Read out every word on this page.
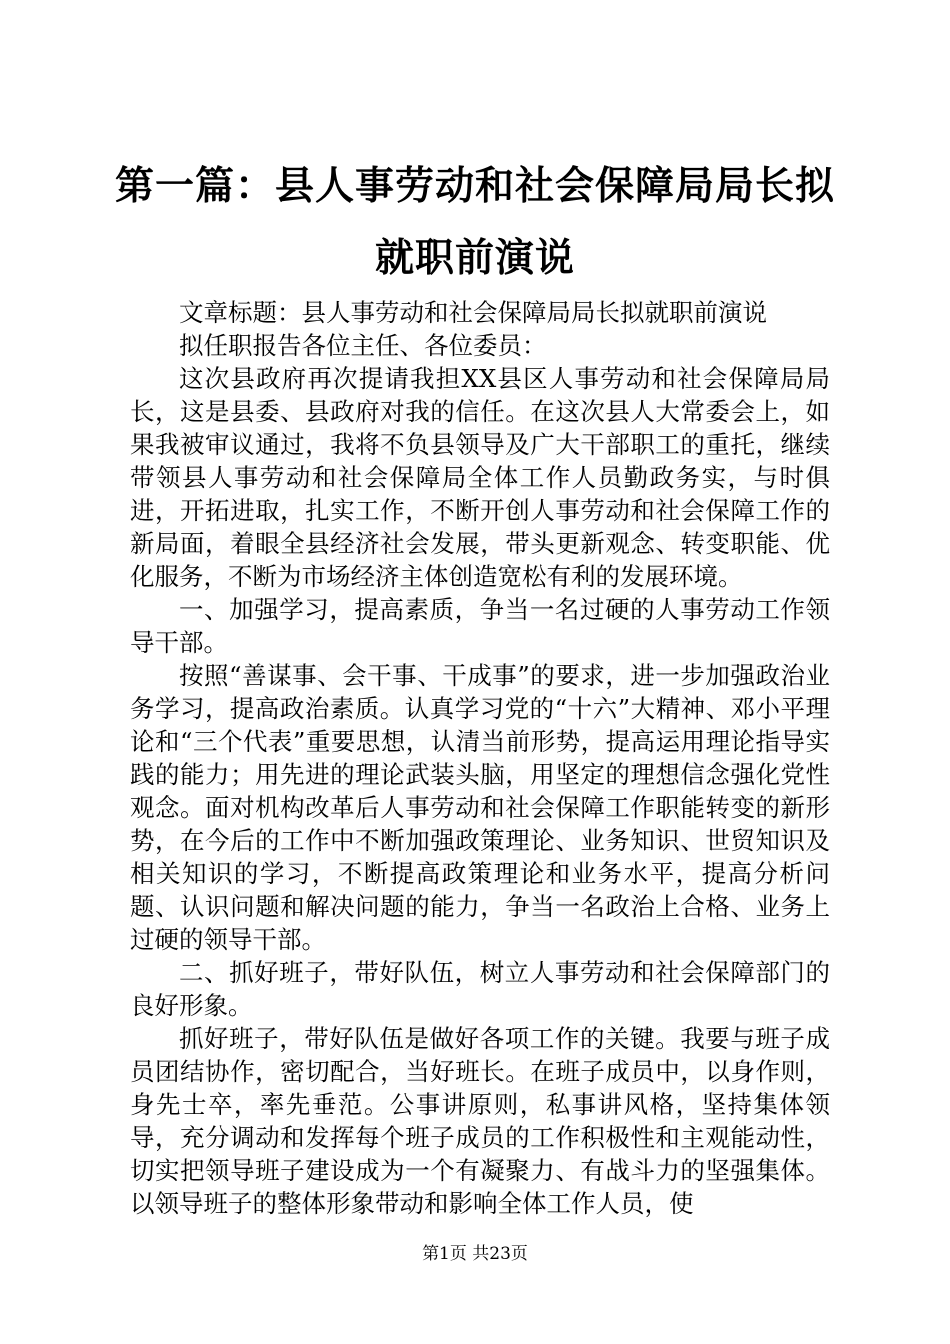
第一篇：县人事劳动和社会保障局局长拟就职前演说

文章标题：县人事劳动和社会保障局局长拟就职前演说

拟任职报告各位主任、各位委员：

这次县政府再次提请我担XX县区人事劳动和社会保障局局长，这是县委、县政府对我的信任。在这次县人大常委会上，如果我被审议通过，我将不负县领导及广大干部职工的重托，继续带领县人事劳动和社会保障局全体工作人员勤政务实，与时俱进，开拓进取，扎实工作，不断开创人事劳动和社会保障工作的新局面，着眼全县经济社会发展，带头更新观念、转变职能、优化服务，不断为市场经济主体创造宽松有利的发展环境。

一、加强学习，提高素质，争当一名过硬的人事劳动工作领导干部。

按照“善谋事、会干事、干成事”的要求，进一步加强政治业务学习，提高政治素质。认真学习党的“十六”大精神、邓小平理论和“三个代表”重要思想，认清当前形势，提高运用理论指导实践的能力；用先进的理论武装头脑，用坚定的理想信念强化党性观念。面对机构改革后人事劳动和社会保障工作职能转变的新形势，在今后的工作中不断加强政策理论、业务知识、世贸知识及相关知识的学习，不断提高政策理论和业务水平，提高分析问题、认识问题和解决问题的能力，争当一名政治上合格、业务上过硬的领导干部。

二、抓好班子，带好队伍，树立人事劳动和社会保障部门的良好形象。

抓好班子，带好队伍是做好各项工作的关键。我要与班子成员团结协作，密切配合，当好班长。在班子成员中，以身作则，身先士卒，率先垂范。公事讲原则，私事讲风格，坚持集体领导，充分调动和发挥每个班子成员的工作积极性和主观能动性，切实把领导班子建设成为一个有凝聚力、有战斗力的坚强集体。以领导班子的整体形象带动和影响全体工作人员，使

第1页 共23页
